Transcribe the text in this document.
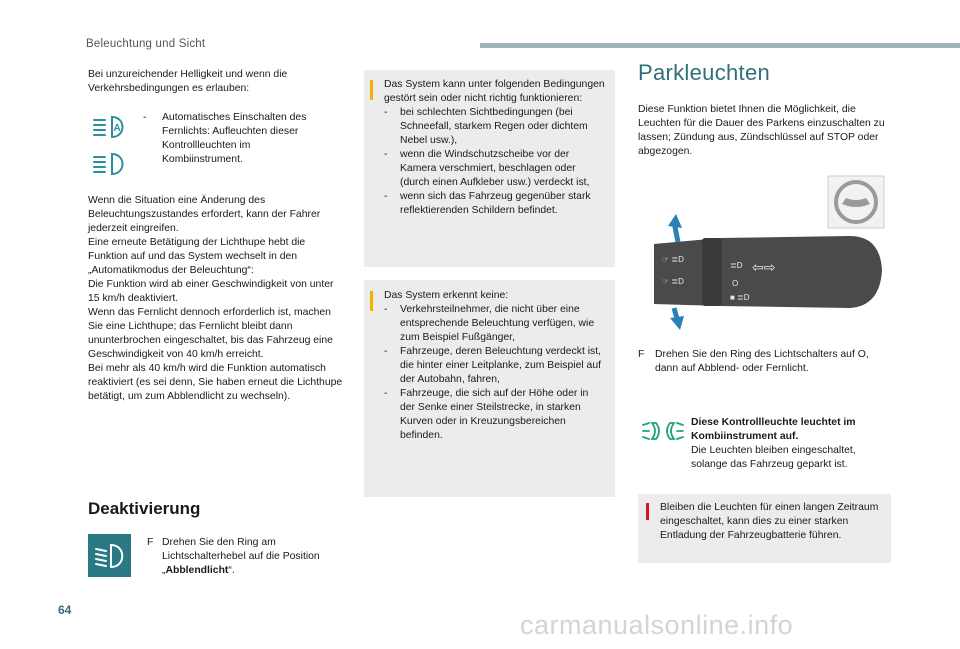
Beleuchtung und Sicht

Bei unzureichender Helligkeit und wenn die Verkehrsbedingungen es erlauben:

A
- Automatisches Einschalten des Fernlichts: Aufleuchten dieser Kontrollleuchten im Kombiinstrument.

Wenn die Situation eine Änderung des Beleuchtungszustandes erfordert, kann der Fahrer jederzeit eingreifen.

Eine erneute Betätigung der Lichthupe hebt die Funktion auf und das System wechselt in den „Automatikmodus der Beleuchtung“:

Die Funktion wird ab einer Geschwindigkeit von unter 15 km/h deaktiviert.

Wenn das Fernlicht dennoch erforderlich ist, machen Sie eine Lichthupe; das Fernlicht bleibt dann ununterbrochen eingeschaltet, bis das Fahrzeug eine Geschwindigkeit von 40 km/h erreicht.

Bei mehr als 40 km/h wird die Funktion automatisch reaktiviert (es sei denn, Sie haben erneut die Lichthupe betätigt, um zum Abblendlicht zu wechseln).

Deaktivierung
F Drehen Sie den Ring am Lichtschalterhebel auf die Position „Abblendlicht“.

Das System kann unter folgenden Bedingungen gestört sein oder nicht richtig funktionieren:

- bei schlechten Sichtbedingungen (bei Schneefall, starkem Regen oder dichtem Nebel usw.),
- wenn die Windschutzscheibe vor der Kamera verschmiert, beschlagen oder (durch einen Aufkleber usw.) verdeckt ist,
- wenn sich das Fahrzeug gegenüber stark reflektierenden Schildern befindet.

Das System erkennt keine:

- Verkehrsteilnehmer, die nicht über eine entsprechende Beleuchtung verfügen, wie zum Beispiel Fußgänger,
- Fahrzeuge, deren Beleuchtung verdeckt ist, die hinter einer Leitplanke, zum Beispiel auf der Autobahn, fahren,
- Fahrzeuge, die sich auf der Höhe oder in der Senke einer Steilstrecke, in starken Kurven oder in Kreuzungsbereichen befinden.
Parkleuchten

Diese Funktion bietet Ihnen die Möglichkeit, die Leuchten für die Dauer des Parkens einzuschalten zu lassen; Zündung aus, Zündschlüssel auf STOP oder abgezogen.

☞ ≣D
☞ ≣D
≣D ⇦⇨
O
■ ≣D
F Drehen Sie den Ring des Lichtschalters auf O, dann auf Abblend- oder Fernlicht.

Diese Kontrollleuchte leuchtet im Kombiinstrument auf.

Die Leuchten bleiben eingeschaltet, solange das Fahrzeug geparkt ist.

Bleiben die Leuchten für einen langen Zeitraum eingeschaltet, kann dies zu einer starken Entladung der Fahrzeugbatterie führen.

64	carmanualsonline.info
